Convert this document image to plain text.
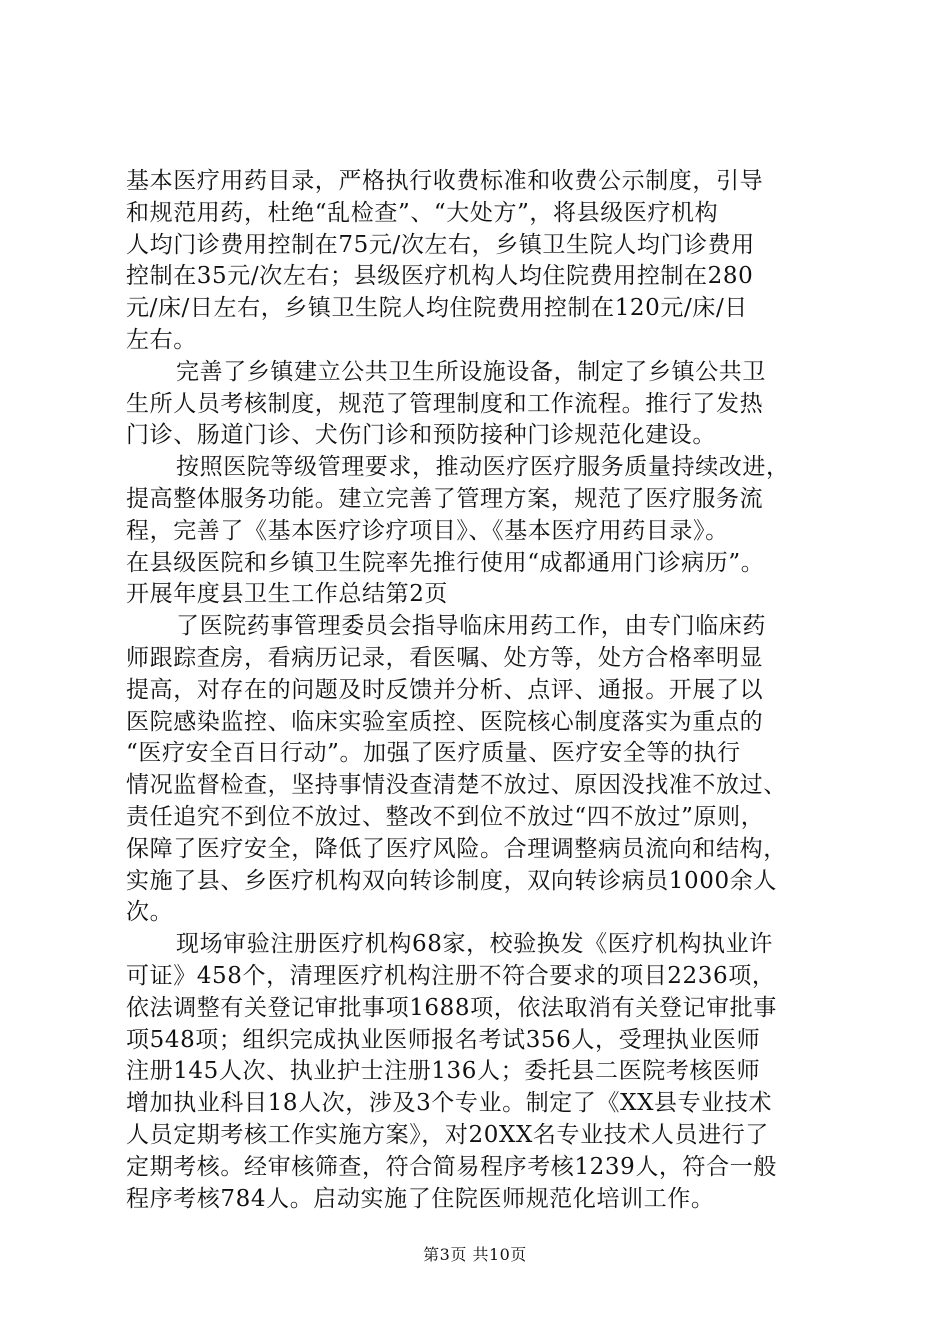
基本医疗用药目录，严格执行收费标准和收费公示制度，引导
和规范用药，杜绝“乱检查”、“大处方”，将县级医疗机构
人均门诊费用控制在75元/次左右，乡镇卫生院人均门诊费用
控制在35元/次左右；县级医疗机构人均住院费用控制在280
元/床/日左右，乡镇卫生院人均住院费用控制在120元/床/日
左右。
完善了乡镇建立公共卫生所设施设备，制定了乡镇公共卫
生所人员考核制度，规范了管理制度和工作流程。推行了发热
门诊、肠道门诊、犬伤门诊和预防接种门诊规范化建设。
按照医院等级管理要求，推动医疗医疗服务质量持续改进，
提高整体服务功能。建立完善了管理方案，规范了医疗服务流
程，完善了《基本医疗诊疗项目》、《基本医疗用药目录》。
在县级医院和乡镇卫生院率先推行使用“成都通用门诊病历”。
开展年度县卫生工作总结第2页
了医院药事管理委员会指导临床用药工作，由专门临床药
师跟踪查房，看病历记录，看医嘱、处方等，处方合格率明显
提高，对存在的问题及时反馈并分析、点评、通报。开展了以
医院感染监控、临床实验室质控、医院核心制度落实为重点的
“医疗安全百日行动”。加强了医疗质量、医疗安全等的执行
情况监督检查，坚持事情没查清楚不放过、原因没找准不放过、
责任追究不到位不放过、整改不到位不放过“四不放过”原则，
保障了医疗安全，降低了医疗风险。合理调整病员流向和结构，
实施了县、乡医疗机构双向转诊制度，双向转诊病员1000余人
次。
现场审验注册医疗机构68家，校验换发《医疗机构执业许
可证》458个，清理医疗机构注册不符合要求的项目2236项，
依法调整有关登记审批事项1688项，依法取消有关登记审批事
项548项；组织完成执业医师报名考试356人，受理执业医师
注册145人次、执业护士注册136人；委托县二医院考核医师
增加执业科目18人次，涉及3个专业。制定了《XX县专业技术
人员定期考核工作实施方案》，对20XX名专业技术人员进行了
定期考核。经审核筛查，符合简易程序考核1239人，符合一般
程序考核784人。启动实施了住院医师规范化培训工作。
第3页 共10页
